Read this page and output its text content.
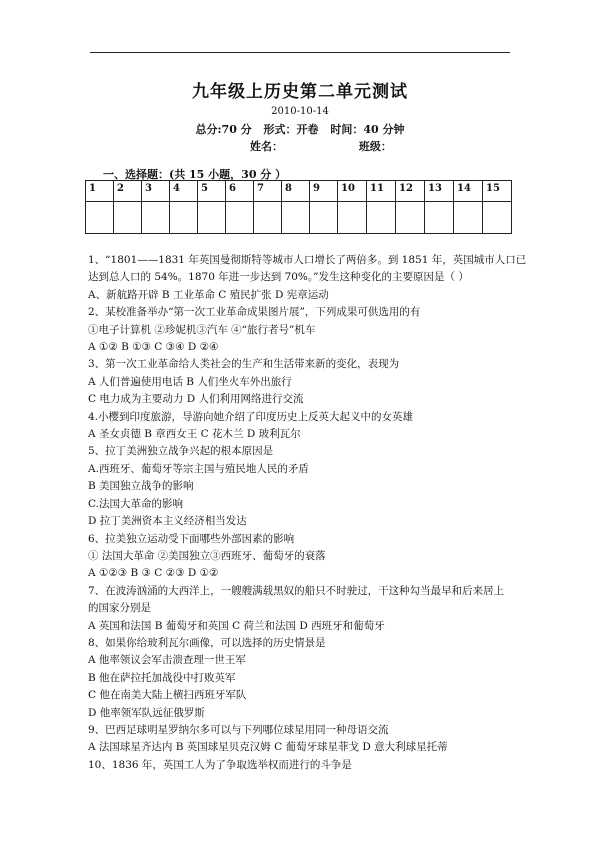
九年级上历史第二单元测试
2010-10-14
总分:70 分 形式：开卷 时间：40 分钟
姓名：	班级：
一、选择题：(共 15 小题，30 分 ）
1	2	3	4	5	6	7	8	9	10	11	12	13	14	15

1、“1801——1831 年英国曼彻斯特等城市人口增长了两倍多。到 1851 年，英国城市人口已

达到总人口的 54%。1870 年进一步达到 70%。”发生这种变化的主要原因是（ ）

A、新航路开辟 B 工业革命 C 殖民扩张 D 宪章运动

2、某校准备举办“第一次工业革命成果图片展”，下列成果可供选用的有

①电子计算机 ②珍妮机③汽车 ④“旅行者号”机车

A ①② B ①③ C ③④ D ②④

3、第一次工业革命给人类社会的生产和生活带来新的变化，表现为

A 人们普遍使用电话 B 人们坐火车外出旅行

C 电力成为主要动力 D 人们利用网络进行交流

4.小樱到印度旅游，导游向她介绍了印度历史上反英大起义中的女英雄

A 圣女贞德 B 章西女王 C 花木兰 D 玻利瓦尔

5、拉丁美洲独立战争兴起的根本原因是

A.西班牙、葡萄牙等宗主国与殖民地人民的矛盾

B 美国独立战争的影响

C.法国大革命的影响

D 拉丁美洲资本主义经济相当发达

6、拉美独立运动受下面哪些外部因素的影响

① 法国大革命 ②美国独立③西班牙、葡萄牙的衰落

A ①②③ B ③ C ②③ D ①②

7、在波涛汹涌的大西洋上，一艘艘满载黑奴的船只不时驶过，干这种勾当最早和后来居上

的国家分别是

A 英国和法国 B 葡萄牙和英国 C 荷兰和法国 D 西班牙和葡萄牙

8、如果你给玻利瓦尔画像，可以选择的历史情景是

A 他率领议会军击溃查理一世王军

B 他在萨拉托加战役中打败英军

C 他在南美大陆上横扫西班牙军队

D 他率领军队远征俄罗斯

9、巴西足球明星罗纳尔多可以与下列哪位球星用同一种母语交流

A 法国球星齐达内 B 英国球星贝克汉姆 C 葡萄牙球星菲戈 D 意大利球星托蒂

10、1836 年，英国工人为了争取选举权而进行的斗争是
